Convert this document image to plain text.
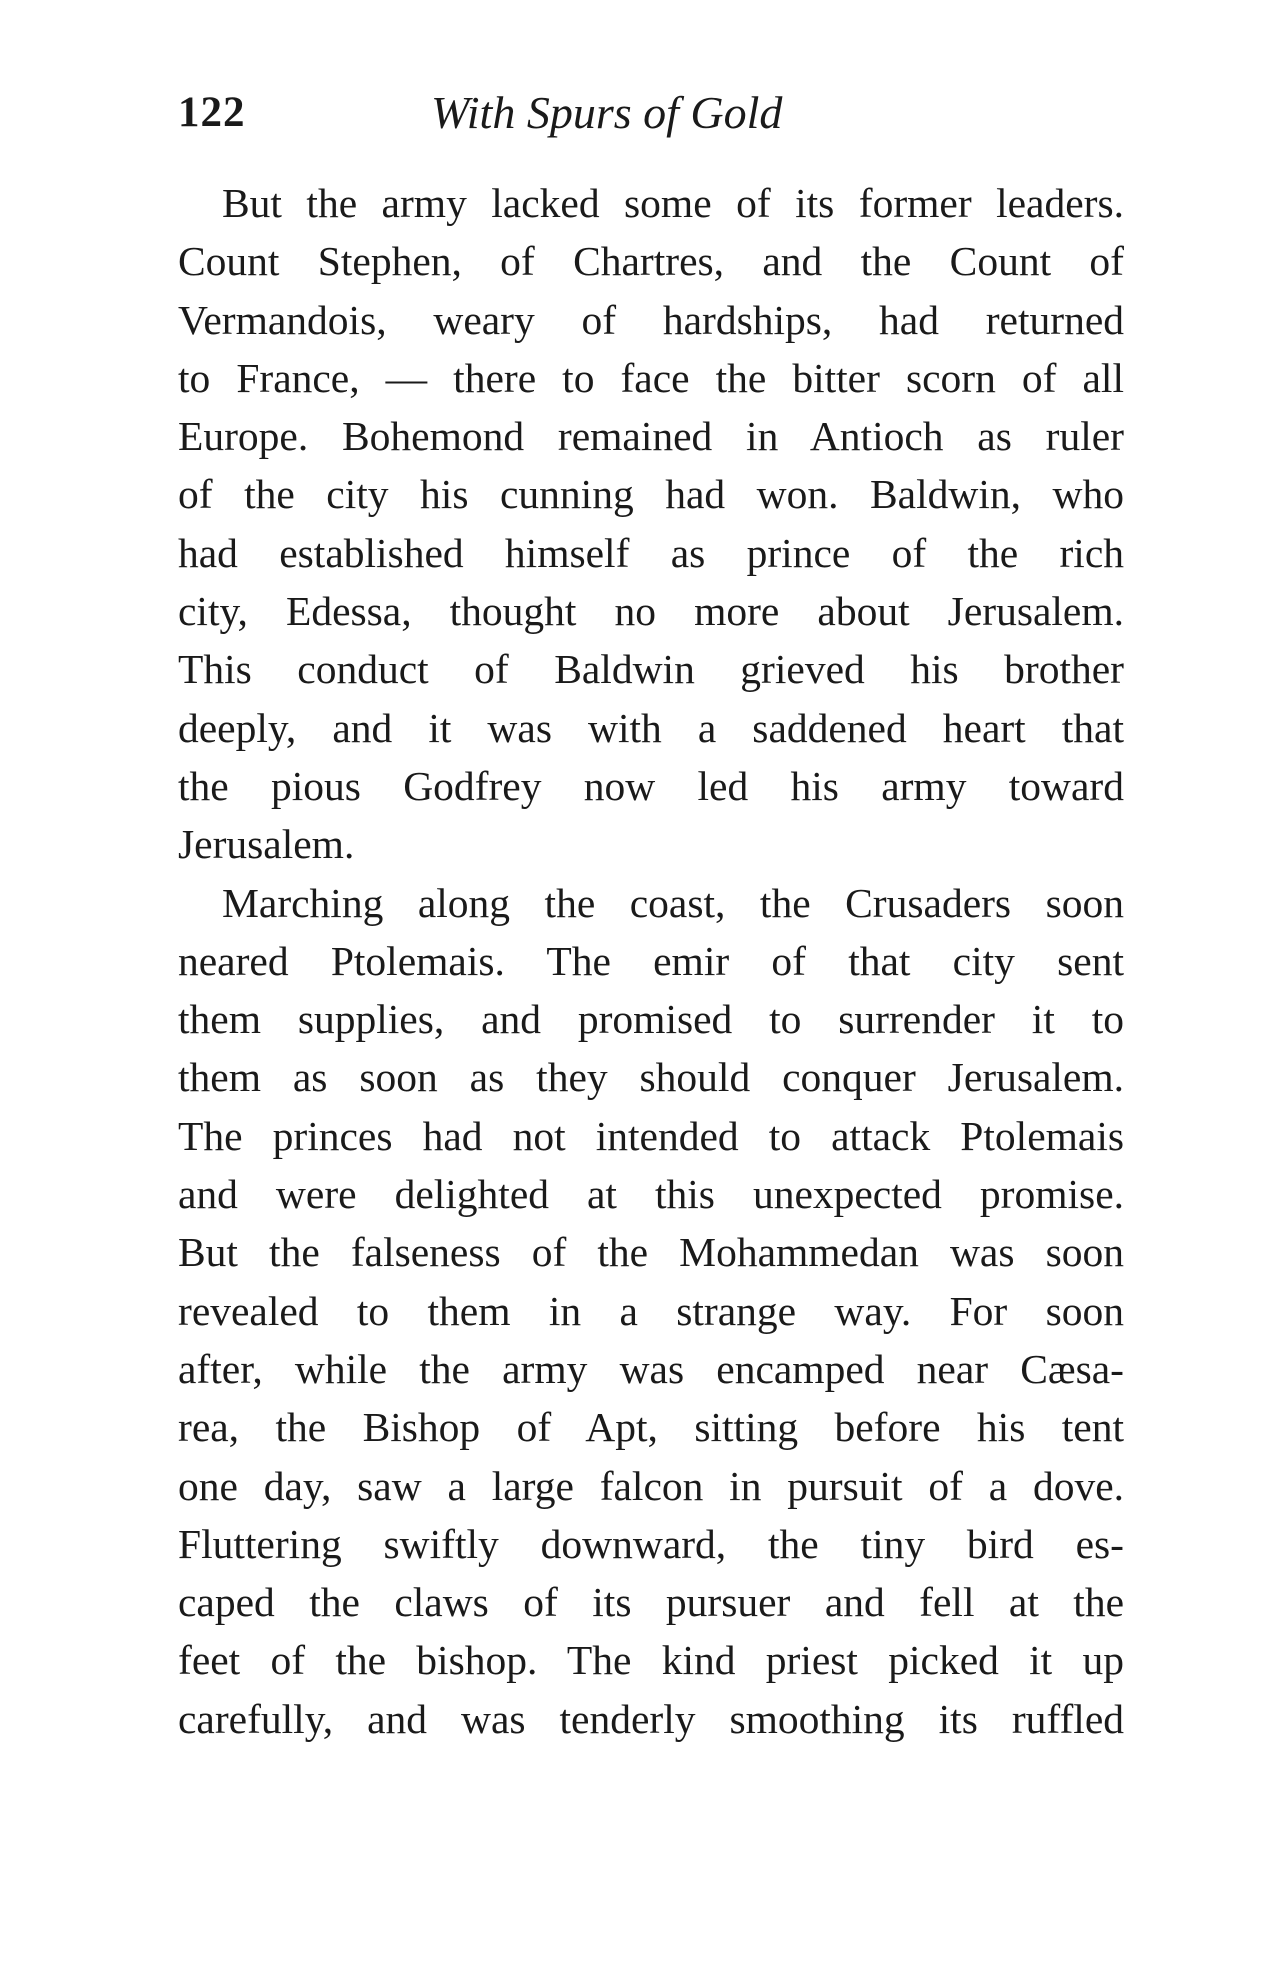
122	With Spurs of Gold
But the army lacked some of its former leaders.
Count Stephen, of Chartres, and the Count of
Vermandois, weary of hardships, had returned
to France, — there to face the bitter scorn of all
Europe. Bohemond remained in Antioch as ruler
of the city his cunning had won. Baldwin, who
had established himself as prince of the rich
city, Edessa, thought no more about Jerusalem.
This conduct of Baldwin grieved his brother
deeply, and it was with a saddened heart that
the pious Godfrey now led his army toward
Jerusalem.
Marching along the coast, the Crusaders soon
neared Ptolemais. The emir of that city sent
them supplies, and promised to surrender it to
them as soon as they should conquer Jerusalem.
The princes had not intended to attack Ptolemais
and were delighted at this unexpected promise.
But the falseness of the Mohammedan was soon
revealed to them in a strange way. For soon
after, while the army was encamped near Cæsa-
rea, the Bishop of Apt, sitting before his tent
one day, saw a large falcon in pursuit of a dove.
Fluttering swiftly downward, the tiny bird es-
caped the claws of its pursuer and fell at the
feet of the bishop. The kind priest picked it up
carefully, and was tenderly smoothing its ruffled
